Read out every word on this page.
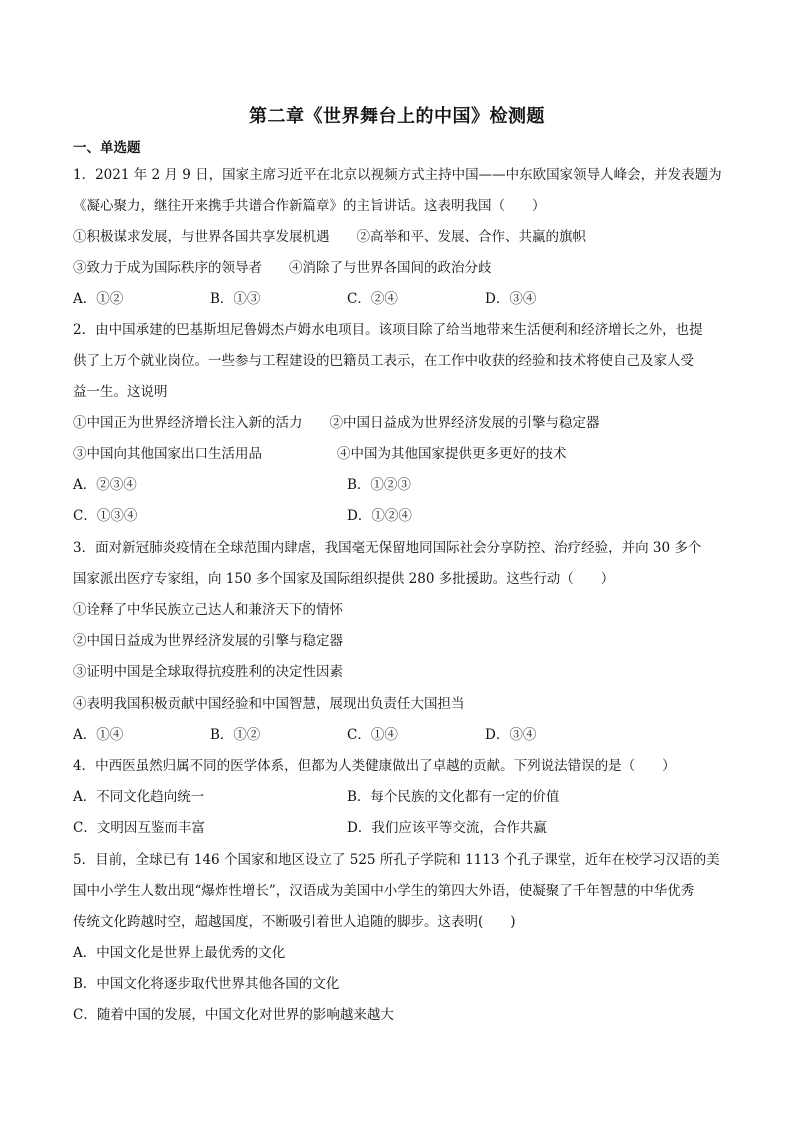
第二章《世界舞台上的中国》检测题
一、单选题
1．2021 年 2 月 9 日，国家主席习近平在北京以视频方式主持中国——中东欧国家领导人峰会，并发表题为
《凝心聚力，继往开来携手共谱合作新篇章》的主旨讲话。这表明我国（　　）
①积极谋求发展，与世界各国共享发展机遇　　②高举和平、发展、合作、共赢的旗帜
③致力于成为国际秩序的领导者　　④消除了与世界各国间的政治分歧
A．①②	B．①③	C．②④	D．③④
2．由中国承建的巴基斯坦尼鲁姆杰卢姆水电项目。该项目除了给当地带来生活便利和经济增长之外，也提
供了上万个就业岗位。一些参与工程建设的巴籍员工表示，在工作中收获的经验和技术将使自己及家人受
益一生。这说明
①中国正为世界经济增长注入新的活力　　②中国日益成为世界经济发展的引擎与稳定器
③中国向其他国家出口生活用品	④中国为其他国家提供更多更好的技术
A．②③④	B．①②③
C．①③④	D．①②④
3．面对新冠肺炎疫情在全球范围内肆虐，我国毫无保留地同国际社会分享防控、治疗经验，并向 30 多个
国家派出医疗专家组，向 150 多个国家及国际组织提供 280 多批援助。这些行动（　　）
①诠释了中华民族立己达人和兼济天下的情怀
②中国日益成为世界经济发展的引擎与稳定器
③证明中国是全球取得抗疫胜利的决定性因素
④表明我国积极贡献中国经验和中国智慧，展现出负责任大国担当
A．①④	B．①②	C．①④	D．③④
4．中西医虽然归属不同的医学体系，但都为人类健康做出了卓越的贡献。下列说法错误的是（　　）
A．不同文化趋向统一	B．每个民族的文化都有一定的价值
C．文明因互鉴而丰富	D．我们应该平等交流，合作共赢
5．目前，全球已有 146 个国家和地区设立了 525 所孔子学院和 1113 个孔子课堂，近年在校学习汉语的美
国中小学生人数出现“爆炸性增长”，汉语成为美国中小学生的第四大外语，使凝聚了千年智慧的中华优秀
传统文化跨越时空，超越国度，不断吸引着世人追随的脚步。这表明(　　)
A．中国文化是世界上最优秀的文化
B．中国文化将逐步取代世界其他各国的文化
C．随着中国的发展，中国文化对世界的影响越来越大
